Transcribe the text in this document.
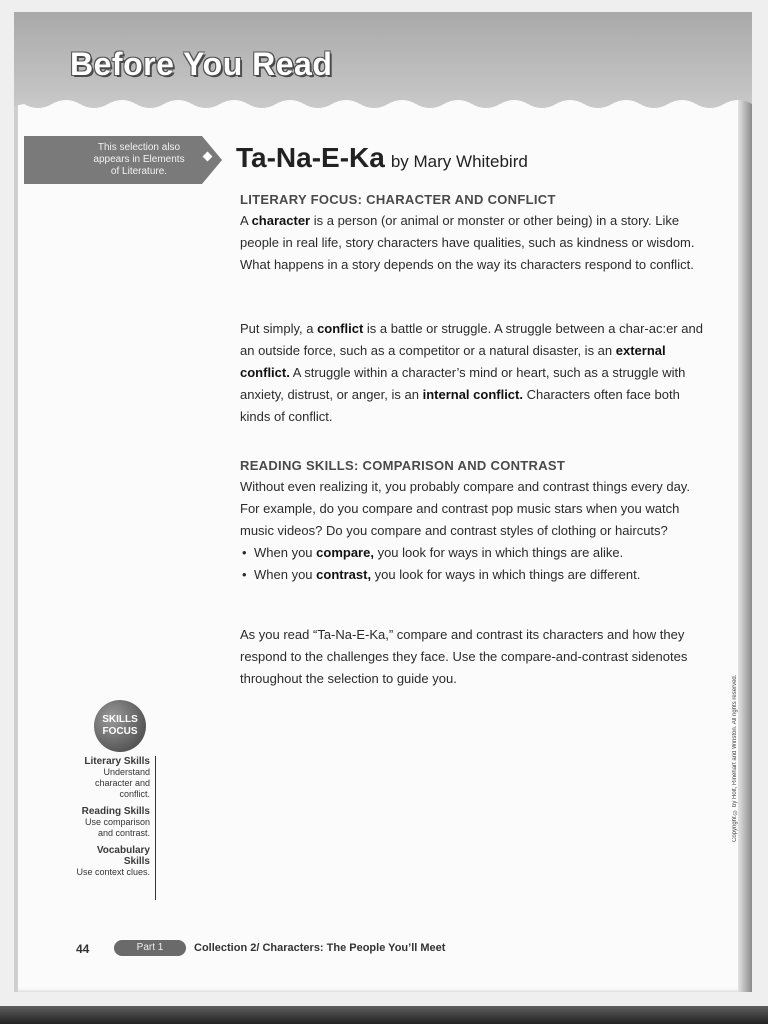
Before You Read
This selection also
appears in Elements
of Literature.	Ta-Na-E-Ka by Mary Whitebird
LITERARY FOCUS: CHARACTER AND CONFLICT
A character is a person (or animal or monster or other being) in a story. Like people in real life, story characters have qualities, such as kindness or wisdom. What happens in a story depends on the way its characters respond to conflict.
Put simply, a conflict is a battle or struggle. A struggle between a char-ac:er and an outside force, such as a competitor or a natural disaster, is an external conflict. A struggle within a character’s mind or heart, such as a struggle with anxiety, distrust, or anger, is an internal conflict. Characters often face both kinds of conflict.
READING SKILLS: COMPARISON AND CONTRAST
Without even realizing it, you probably compare and contrast things every day. For example, do you compare and contrast pop music stars when you watch music videos? Do you compare and contrast styles of clothing or haircuts?
• When you compare, you look for ways in which things are alike.
• When you contrast, you look for ways in which things are different.
As you read “Ta-Na-E-Ka,” compare and contrast its characters and how they respond to the challenges they face. Use the compare-and-contrast sidenotes throughout the selection to guide you.
SKILLS
FOCUS
Literary Skills
Understand character and conflict.
Reading Skills
Use comparison and contrast.
Vocabulary Skills
Use context clues.
44	Part 1	Collection 2/ Characters: The People You’ll Meet
Copyright © by Holt, Rinehart and Winston. All rights reserved.
